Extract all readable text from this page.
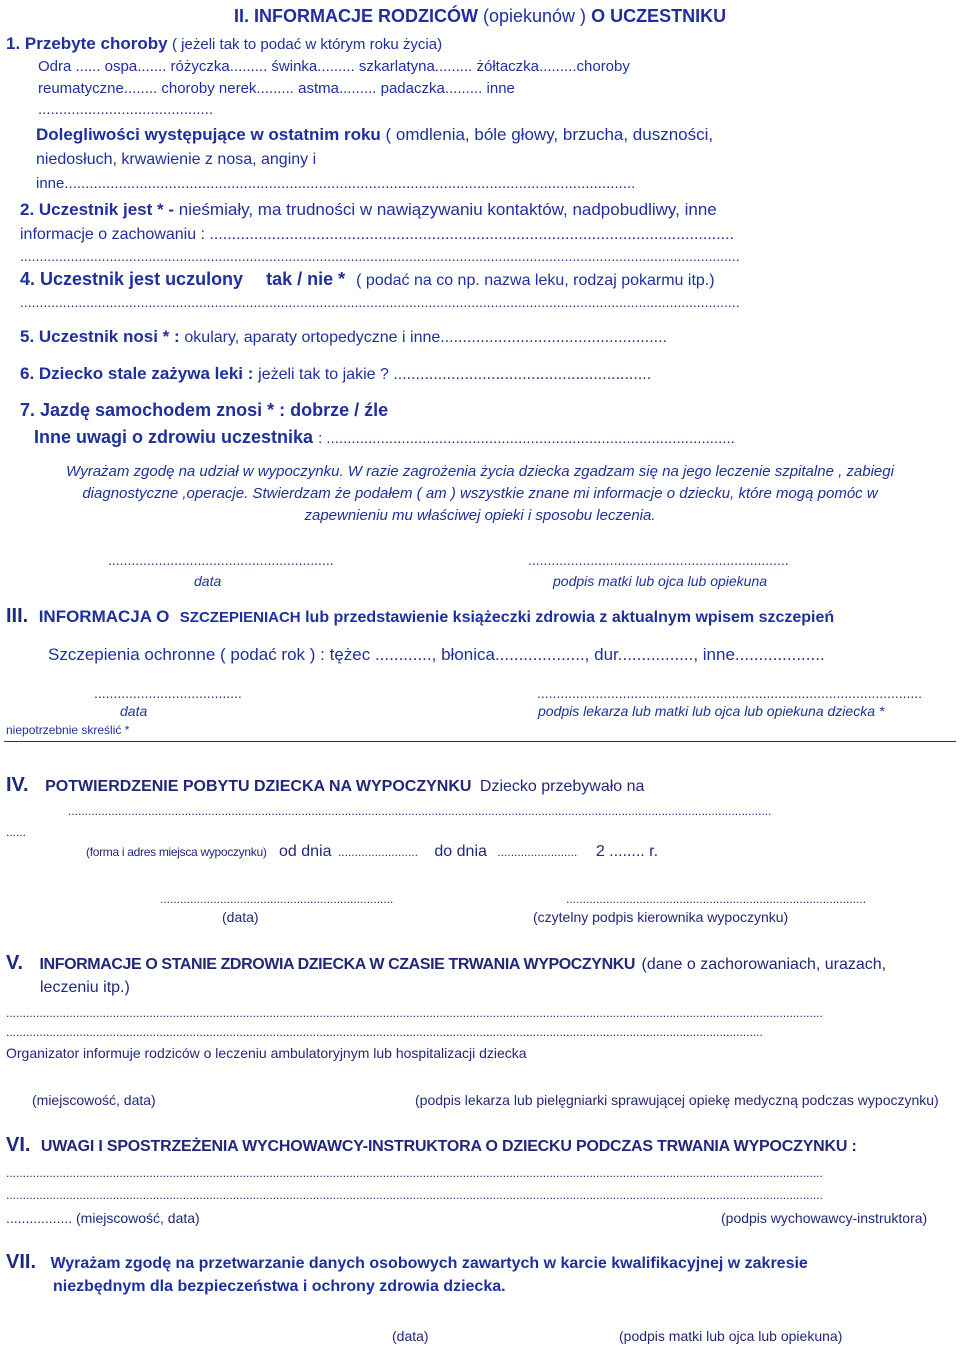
II. INFORMACJE RODZICÓW (opiekunów ) O UCZESTNIKU
1. Przebyte choroby ( jeżeli tak to podać w którym roku życia)
Odra ...... ospa....... różyczka......... świnka......... szkarlatyna......... żółtaczka.........choroby
reumatyczne........ choroby nerek......... astma......... padaczka......... inne
..........................................
Dolegliwości występujące w ostatnim roku ( omdlenia, bóle głowy, brzucha, duszności,
niedosłuch, krwawienie z nosa, anginy i
inne.........................................................................................................................................
2. Uczestnik jest * - nieśmiały, ma trudności w nawiązywaniu kontaktów, nadpobudliwy, inne
informacje o zachowaniu : ......................................................................................................................
.........................................................................................................................................................................................
4. Uczestnik jest uczulony tak / nie * ( podać na co np. nazwa leku, rodzaj pokarmu itp.)
.........................................................................................................................................................................................
5. Uczestnik nosi * : okulary, aparaty ortopedyczne i inne...................................................
6. Dziecko stale zażywa leki : jeżeli tak to jakie ? ..........................................................
7. Jazdę samochodem znosi * : dobrze / źle
Inne uwagi o zdrowiu uczestnika : ..................................................................................................
Wyrażam zgodę na udział w wypoczynku. W razie zagrożenia życia dziecka zgadzam się na jego leczenie szpitalne , zabiegi
diagnostyczne ,operacje. Stwierdzam że podałem ( am ) wszystkie znane mi informacje o dziecku, które mogą pomóc w
zapewnieniu mu właściwej opieki i sposobu leczenia.
..........................................................	...................................................................
data	podpis matki lub ojca lub opiekuna
III. INFORMACJA O SZCZEPIENIACH lub przedstawienie książeczki zdrowia z aktualnym wpisem szczepień
Szczepienia ochronne ( podać rok ) : tężec ............, błonica..................., dur................, inne...................
......................................	...................................................................................................
data	podpis lekarza lub matki lub ojca lub opiekuna dziecka *
niepotrzebnie skreślić *
IV. POTWIERDZENIE POBYTU DZIECKA NA WYPOCZYNKU Dziecko przebywało na
...................................................................................................................................................................................................................
......
(forma i adres miejsca wypoczynku) od dnia ........................ do dnia ........................ 2 ........ r.
......................................................................	..........................................................................................
(data)	(czytelny podpis kierownika wypoczynku)
V. INFORMACJE O STANIE ZDROWIA DZIECKA W CZASIE TRWANIA WYPOCZYNKU (dane o zachorowaniach, urazach,
leczeniu itp.)
.....................................................................................................................................................................................................................................................
...................................................................................................................................................................................................................................
Organizator informuje rodziców o leczeniu ambulatoryjnym lub hospitalizacji dziecka
(miejscowość, data)	(podpis lekarza lub pielęgniarki sprawującej opiekę medyczną podczas wypoczynku)
VI. UWAGI I SPOSTRZEŻENIA WYCHOWAWCY-INSTRUKTORA O DZIECKU PODCZAS TRWANIA WYPOCZYNKU :
.....................................................................................................................................................................................................................................................
.....................................................................................................................................................................................................................................................
................. (miejscowość, data)	(podpis wychowawcy-instruktora)
VII. Wyrażam zgodę na przetwarzanie danych osobowych zawartych w karcie kwalifikacyjnej w zakresie
niezbędnym dla bezpieczeństwa i ochrony zdrowia dziecka.
(data)	(podpis matki lub ojca lub opiekuna)
